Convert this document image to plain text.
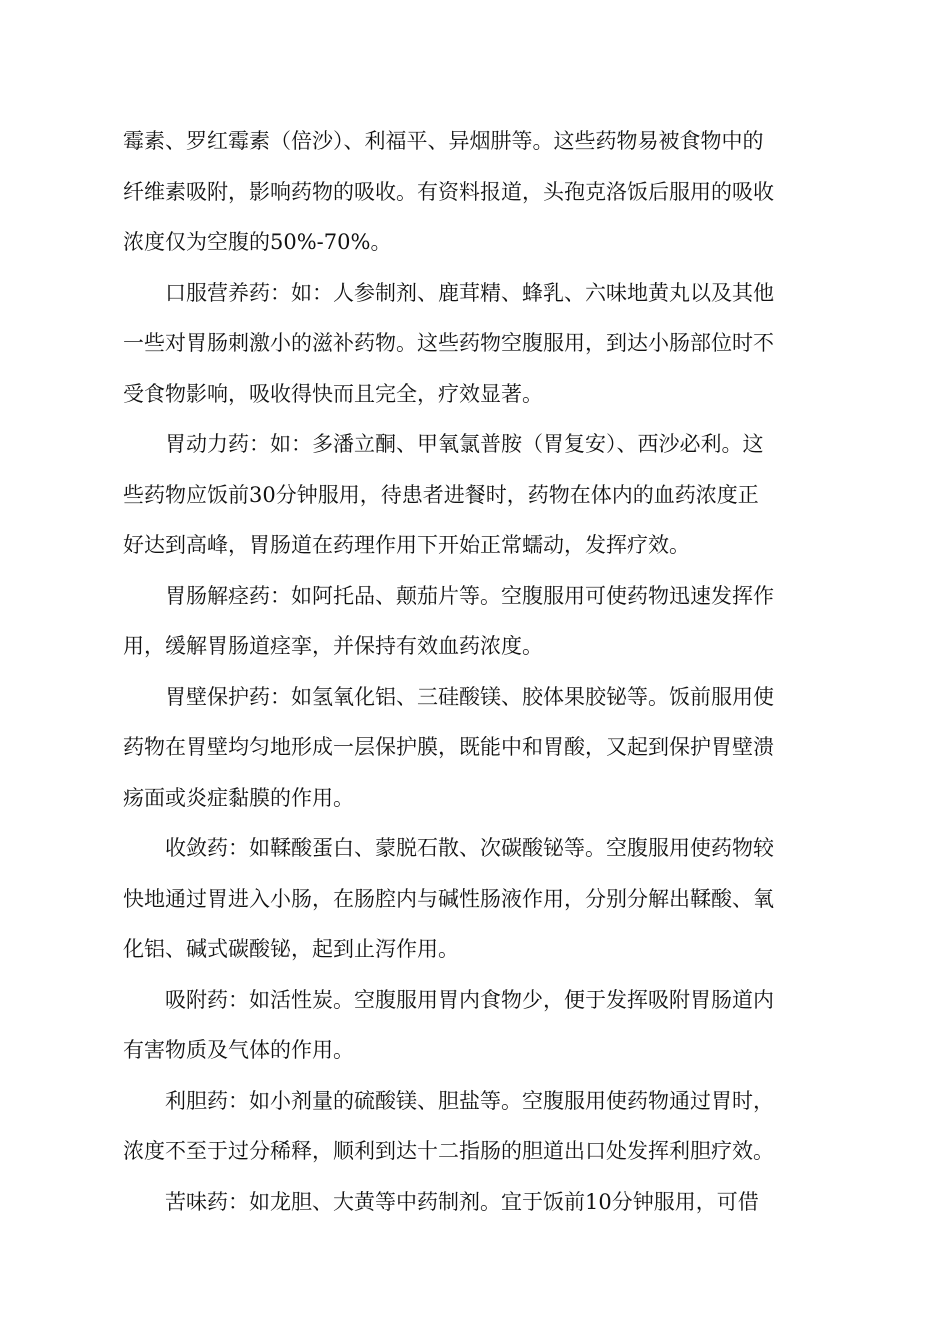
霉素、罗红霉素（倍沙）、利福平、异烟肼等。这些药物易被食物中的
纤维素吸附，影响药物的吸收。有资料报道，头孢克洛饭后服用的吸收
浓度仅为空腹的50%-70%。
　　口服营养药：如：人参制剂、鹿茸精、蜂乳、六味地黄丸以及其他
一些对胃肠刺激小的滋补药物。这些药物空腹服用，到达小肠部位时不
受食物影响，吸收得快而且完全，疗效显著。
　　胃动力药：如：多潘立酮、甲氧氯普胺（胃复安）、西沙必利。这
些药物应饭前30分钟服用，待患者进餐时，药物在体内的血药浓度正
好达到高峰，胃肠道在药理作用下开始正常蠕动，发挥疗效。
　　胃肠解痉药：如阿托品、颠茄片等。空腹服用可使药物迅速发挥作
用，缓解胃肠道痉挛，并保持有效血药浓度。
　　胃壁保护药：如氢氧化铝、三硅酸镁、胶体果胶铋等。饭前服用使
药物在胃壁均匀地形成一层保护膜，既能中和胃酸，又起到保护胃壁溃
疡面或炎症黏膜的作用。
　　收敛药：如鞣酸蛋白、蒙脱石散、次碳酸铋等。空腹服用使药物较
快地通过胃进入小肠，在肠腔内与碱性肠液作用，分别分解出鞣酸、氧
化铝、碱式碳酸铋，起到止泻作用。
　　吸附药：如活性炭。空腹服用胃内食物少，便于发挥吸附胃肠道内
有害物质及气体的作用。
　　利胆药：如小剂量的硫酸镁、胆盐等。空腹服用使药物通过胃时，
浓度不至于过分稀释，顺利到达十二指肠的胆道出口处发挥利胆疗效。
　　苦味药：如龙胆、大黄等中药制剂。宜于饭前10分钟服用，可借
